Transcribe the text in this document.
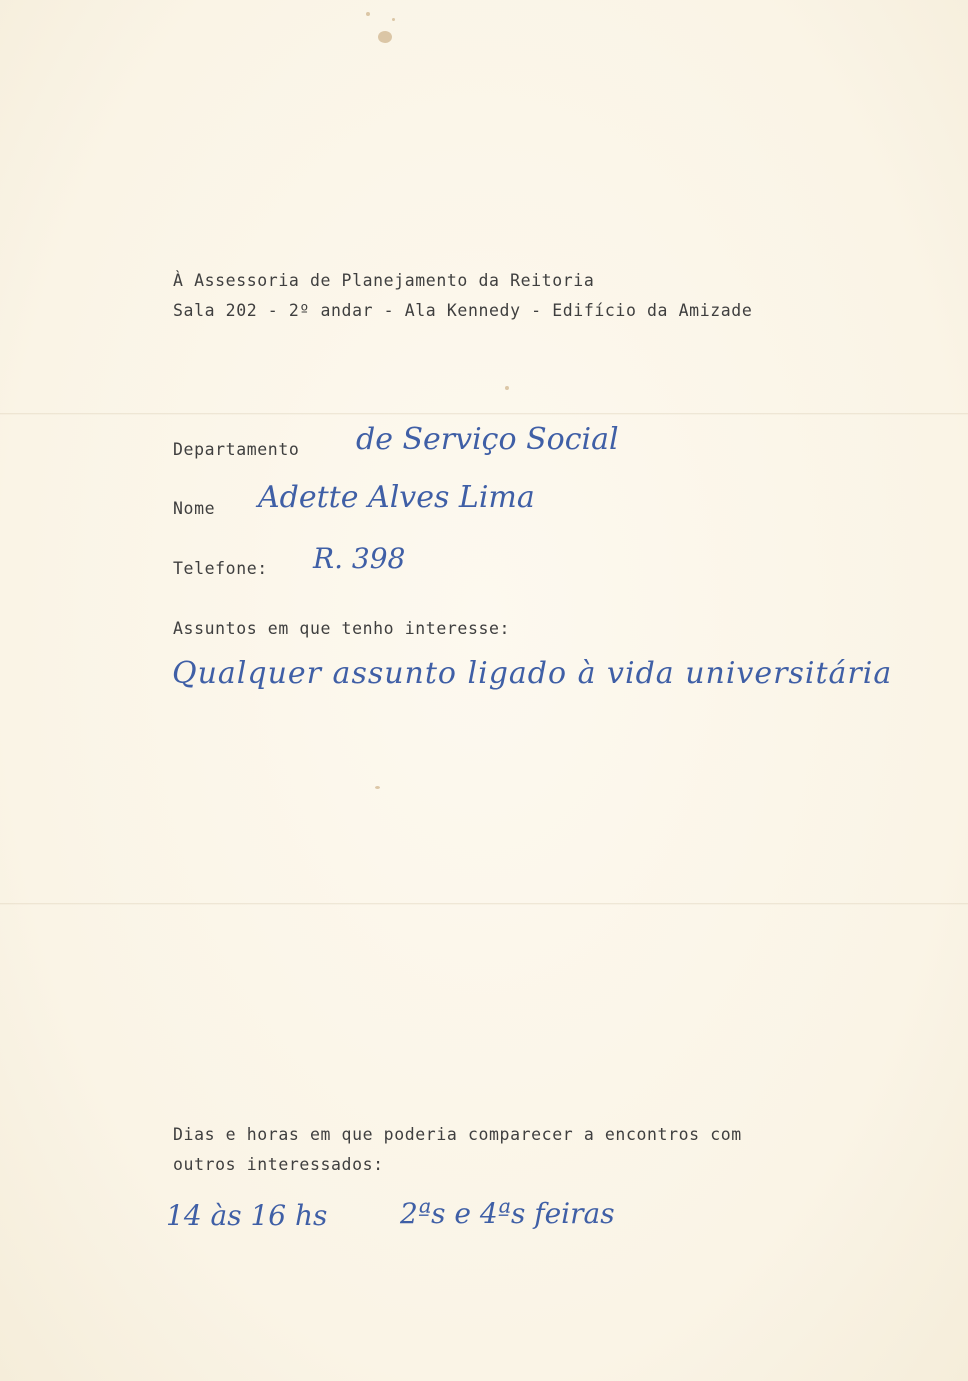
À Assessoria de Planejamento da Reitoria
Sala 202 - 2º andar - Ala Kennedy - Edifício da Amizade
Departamento de Serviço Social
Nome Adette Alves Lima
Telefone: R. 398
Assuntos em que tenho interesse:
Qualquer assunto ligado à vida universitária
Dias e horas em que poderia comparecer a encontros com
outros interessados:
14 às 16 hs	2ªs e 4ªs feiras
